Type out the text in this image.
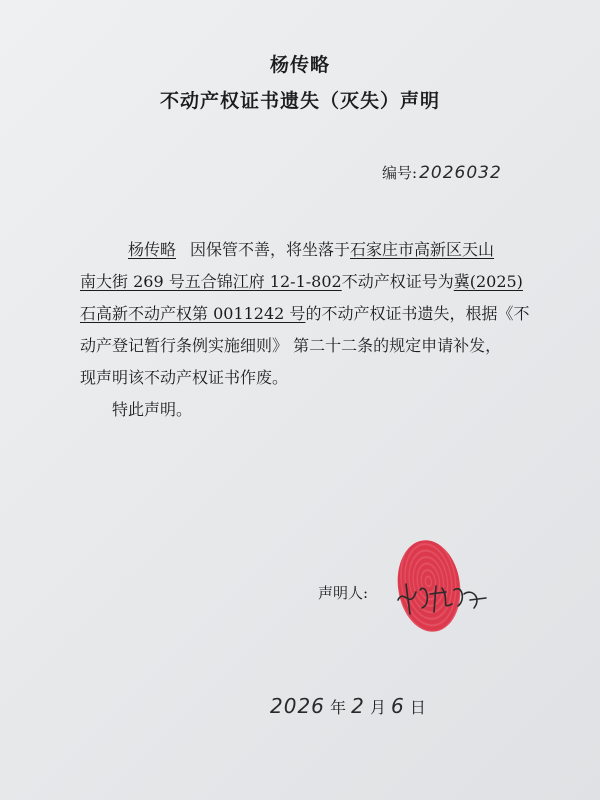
杨传略
不动产权证书遗失（灭失）声明
编号: 2026032
杨传略 因保管不善，将坐落于石家庄市高新区天山
南大街 269 号五合锦江府 12-1-802不动产权证号为冀(2025)
石高新不动产权第 0011242 号的不动产权证书遗失，根据《不
动产登记暂行条例实施细则》 第二十二条的规定申请补发，
现声明该不动产权证书作废。
特此声明。
声明人:
2026 年 2 月 6 日
